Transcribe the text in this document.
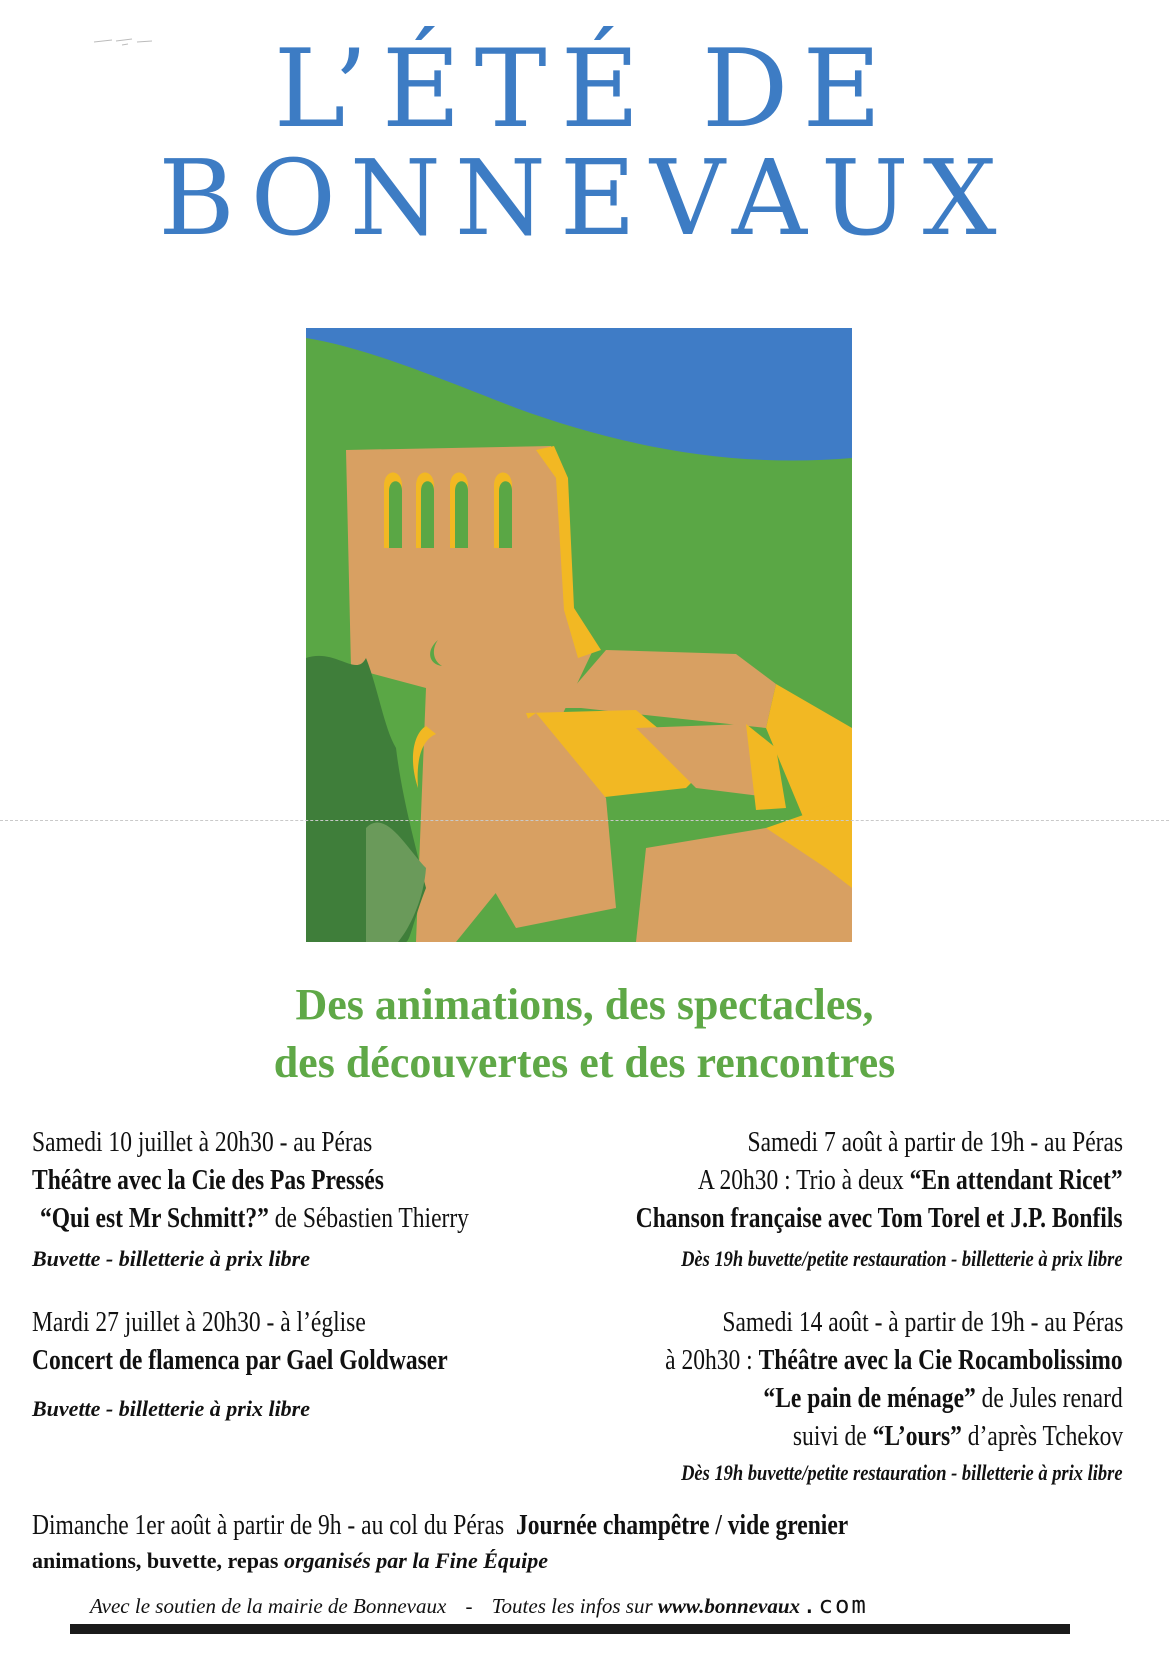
L’ÉTÉ DE
BONNEVAUX

Des animations, des spectacles,

des découvertes et des rencontres

Samedi 10 juillet à 20h30 - au Péras
Théâtre avec la Cie des Pas Pressés
“Qui est Mr Schmitt?” de Sébastien Thierry
Buvette - billetterie à prix libre
Mardi 27 juillet à 20h30 - à l’église
Concert de flamenca par Gael Goldwaser
Buvette - billetterie à prix libre
Samedi 7 août à partir de 19h - au Péras
A 20h30 : Trio à deux “En attendant Ricet”
Chanson française avec Tom Torel et J.P. Bonfils
Dès 19h buvette/petite restauration - billetterie à prix libre
Samedi 14 août - à partir de 19h - au Péras
à 20h30 : Théâtre avec la Cie Rocambolissimo
“Le pain de ménage” de Jules renard
suivi de “L’ours” d’après Tchekov
Dès 19h buvette/petite restauration - billetterie à prix libre
Dimanche 1er août à partir de 9h - au col du Péras Journée champêtre / vide grenier
animations, buvette, repas organisés par la Fine Équipe
Avec le soutien de la mairie de Bonnevaux - Toutes les infos sur www.bonnevaux.com
